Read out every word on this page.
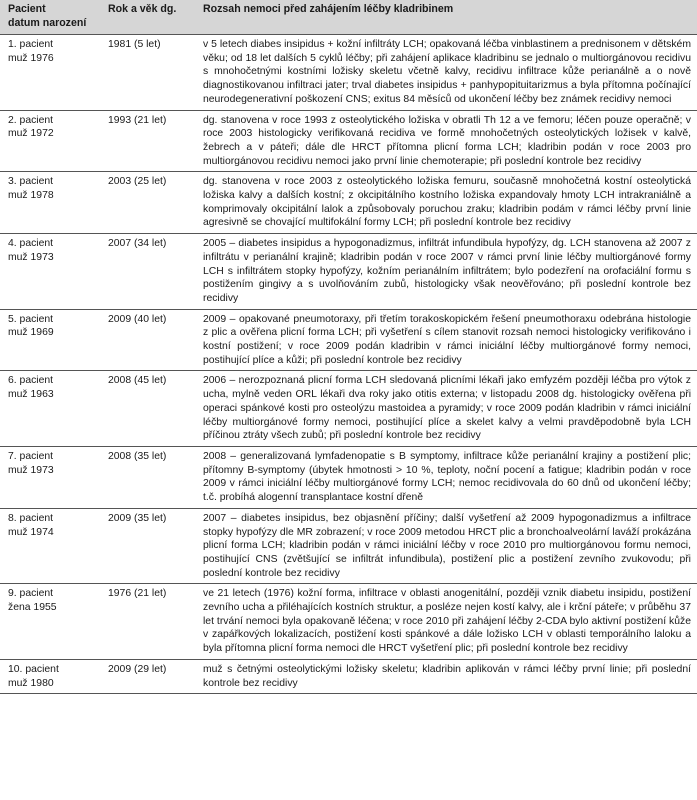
Pacient
datum narození	Rok a věk dg.	Rozsah nemoci před zahájením léčby kladribinem
1. pacient
muž 1976	1981 (5 let)	v 5 letech diabes insipidus + kožní infiltráty LCH; opakovaná léčba vinblastinem a prednisonem v dětském věku; od 18 let dalších 5 cyklů léčby; při zahájení aplikace kladribinu se jednalo o multiorgánovou recidivu s mnohočetnými kostními ložisky skeletu včetně kalvy, recidivu infiltrace kůže perianálně a o nově diagnostikovanou infiltraci jater; trval diabetes insipidus + panhypopituitarizmus a byla přítomna počínající neurodegenerativní poškození CNS; exitus 84 měsíců od ukončení léčby bez známek recidivy nemoci
2. pacient
muž 1972	1993 (21 let)	dg. stanovena v roce 1993 z osteolytického ložiska v obratli Th 12 a ve femoru; léčen pouze operačně; v roce 2003 histologicky verifikovaná recidiva ve formě mnohočetných osteolytických ložisek v kalvě, žebrech a v páteři; dále dle HRCT přítomna plicní forma LCH; kladribin podán v roce 2003 pro multiorgánovou recidivu nemoci jako první linie chemoterapie; při poslední kontrole bez recidivy
3. pacient
muž 1978	2003 (25 let)	dg. stanovena v roce 2003 z osteolytického ložiska femuru, současně mnohočetná kostní osteolytická ložiska kalvy a dalších kostní; z okcipitálního kostního ložiska expandovaly hmoty LCH intrakraniálně a komprimovaly okcipitální lalok a způsobovaly poruchou zraku; kladribin podám v rámci léčby první linie agresivně se chovající multifokální formy LCH; při poslední kontrole bez recidivy
4. pacient
muž 1973	2007 (34 let)	2005 – diabetes insipidus a hypogonadizmus, infiltrát infundibula hypofýzy, dg. LCH stanovena až 2007 z infiltrátu v perianální krajině; kladribin podán v roce 2007 v rámci první linie léčby multiorgánové formy LCH s infiltrátem stopky hypofýzy, kožním perianálním infiltrátem; bylo podezření na orofaciální formu s postižením gingivy a s uvolňováním zubů, histologicky však neověřováno; při poslední kontrole bez recidivy
5. pacient
muž 1969	2009 (40 let)	2009 – opakované pneumotoraxy, při třetím torakoskopickém řešení pneumothoraxu odebrána histologie z plic a ověřena plicní forma LCH; při vyšetření s cílem stanovit rozsah nemoci histologicky verifikováno i kostní postižení; v roce 2009 podán kladribin v rámci iniciální léčby multiorgánové formy nemoci, postihující plíce a kůži; při poslední kontrole bez recidivy
6. pacient
muž 1963	2008 (45 let)	2006 – nerozpoznaná plicní forma LCH sledovaná plicními lékaři jako emfyzém později léčba pro výtok z ucha, mylně veden ORL lékaři dva roky jako otitis externa; v listopadu 2008 dg. histologicky ověřena při operaci spánkové kosti pro osteolýzu mastoidea a pyramidy; v roce 2009 podán kladribin v rámci iniciální léčby multiorgánové formy nemoci, postihující plíce a skelet kalvy a velmi pravděpodobně byla LCH příčinou ztráty všech zubů; při poslední kontrole bez recidivy
7. pacient
muž 1973	2008 (35 let)	2008 – generalizovaná lymfadenopatie s B symptomy, infiltrace kůže perianální krajiny a postižení plic; přítomny B-symptomy (úbytek hmotnosti > 10 %, teploty, noční pocení a fatigue; kladribin podán v roce 2009 v rámci iniciální léčby multiorgánové formy LCH; nemoc recidivovala do 60 dnů od ukončení léčby; t.č. probíhá alogenní transplantace kostní dřeně
8. pacient
muž 1974	2009 (35 let)	2007 – diabetes insipidus, bez objasnění příčiny; další vyšetření až 2009 hypogonadizmus a infiltrace stopky hypofýzy dle MR zobrazení; v roce 2009 metodou HRCT plic a bronchoalveolární laváží prokázána plicní forma LCH; kladribin podán v rámci iniciální léčby v roce 2010 pro multiorgánovou formu nemoci, postihující CNS (zvětšující se infiltrát infundibula), postižení plic a postižení zevního zvukovodu; při poslední kontrole bez recidivy
9. pacient
žena 1955	1976 (21 let)	ve 21 letech (1976) kožní forma, infiltrace v oblasti anogenitální, později vznik diabetu insipidu, postižení zevního ucha a přiléhajících kostních struktur, a posléze nejen kostí kalvy, ale i krční páteře; v průběhu 37 let trvání nemoci byla opakovaně léčena; v roce 2010 při zahájení léčby 2-CDA bylo aktivní postižení kůže v zapářkových lokalizacích, postižení kosti spánkové a dále ložisko LCH v oblasti temporálního laloku a byla přítomna plicní forma nemoci dle HRCT vyšetření plic; při poslední kontrole bez recidivy
10. pacient
muž 1980	2009 (29 let)	muž s četnými osteolytickými ložisky skeletu; kladribin aplikován v rámci léčby první linie; při poslední kontrole bez recidivy
